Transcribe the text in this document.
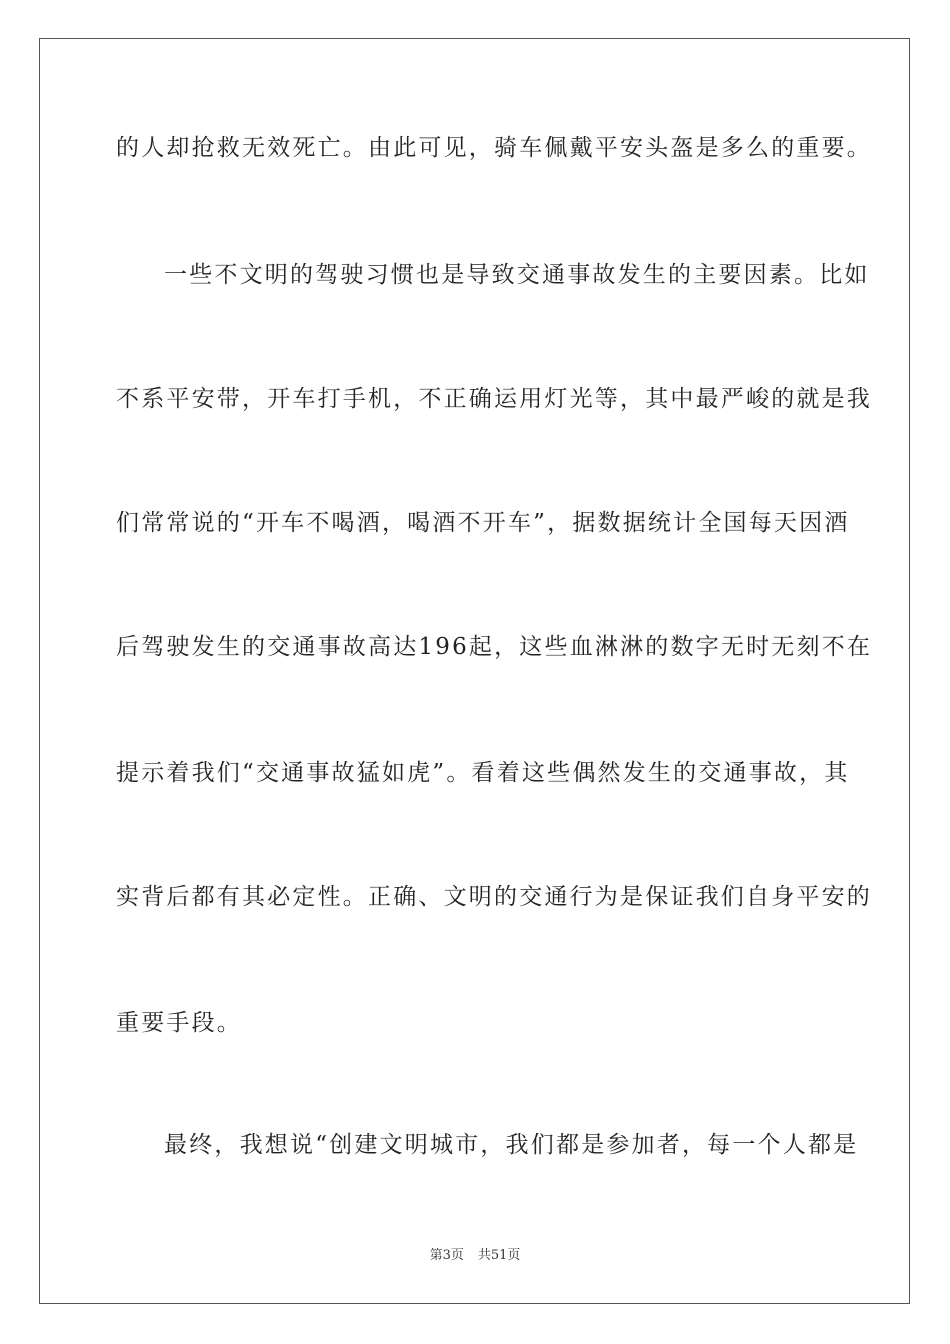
的人却抢救无效死亡。由此可见，骑车佩戴平安头盔是多么的重要。
一些不文明的驾驶习惯也是导致交通事故发生的主要因素。比如
不系平安带，开车打手机，不正确运用灯光等，其中最严峻的就是我
们常常说的“开车不喝酒，喝酒不开车”，据数据统计全国每天因酒
后驾驶发生的交通事故高达196起，这些血淋淋的数字无时无刻不在
提示着我们“交通事故猛如虎”。看着这些偶然发生的交通事故，其
实背后都有其必定性。正确、文明的交通行为是保证我们自身平安的
重要手段。
最终，我想说“创建文明城市，我们都是参加者，每一个人都是
第3页 共51页
